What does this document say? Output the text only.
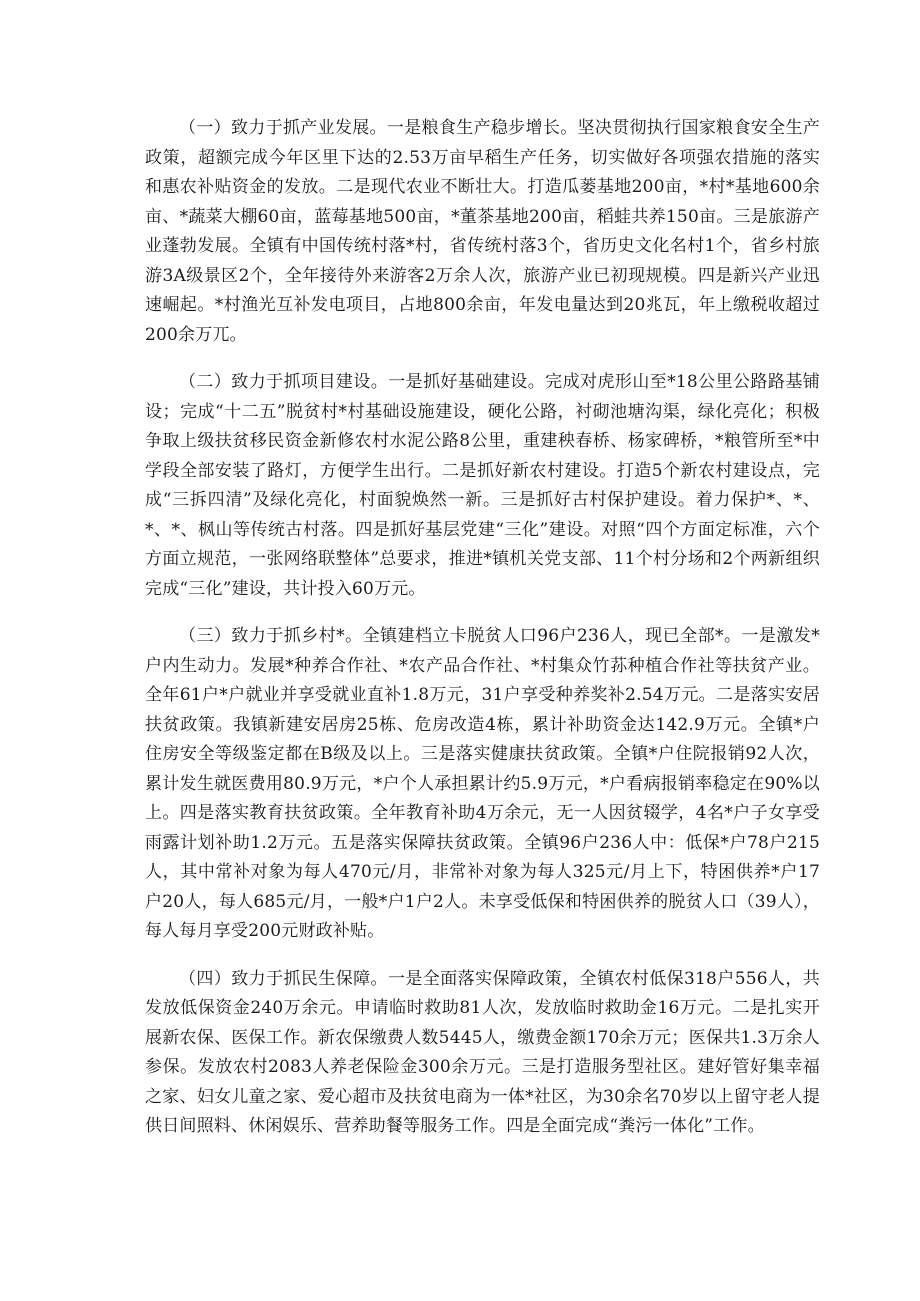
（一）致力于抓产业发展。一是粮食生产稳步增长。坚决贯彻执行国家粮食安全生产政策，超额完成今年区里下达的2.53万亩早稻生产任务，切实做好各项强农措施的落实和惠农补贴资金的发放。二是现代农业不断壮大。打造瓜蒌基地200亩，*村*基地600余亩、*蔬菜大棚60亩，蓝莓基地500亩，*董茶基地200亩，稻蛙共养150亩。三是旅游产业蓬勃发展。全镇有中国传统村落*村，省传统村落3个，省历史文化名村1个，省乡村旅游3A级景区2个，全年接待外来游客2万余人次，旅游产业已初现规模。四是新兴产业迅速崛起。*村渔光互补发电项目，占地800余亩，年发电量达到20兆瓦，年上缴税收超过200余万兀。

（二）致力于抓项目建设。一是抓好基础建设。完成对虎形山至*18公里公路路基铺设；完成“十二五”脱贫村*村基础设施建设，硬化公路，衬砌池塘沟渠，绿化亮化；积极争取上级扶贫移民资金新修农村水泥公路8公里，重建秧春桥、杨家碑桥，*粮管所至*中学段全部安装了路灯，方便学生出行。二是抓好新农村建设。打造5个新农村建设点，完成“三拆四清”及绿化亮化，村面貌焕然一新。三是抓好古村保护建设。着力保护*、*、*、*、枫山等传统古村落。四是抓好基层党建“三化”建设。对照“四个方面定标准，六个方面立规范，一张网络联整体”总要求，推进*镇机关党支部、11个村分场和2个两新组织完成“三化”建设，共计投入60万元。

（三）致力于抓乡村*。全镇建档立卡脱贫人口96户236人，现已全部*。一是激发*户内生动力。发展*种养合作社、*农产品合作社、*村集众竹荪种植合作社等扶贫产业。全年61户*户就业并享受就业直补1.8万元，31户享受种养奖补2.54万元。二是落实安居扶贫政策。我镇新建安居房25栋、危房改造4栋，累计补助资金达142.9万元。全镇*户住房安全等级鉴定都在B级及以上。三是落实健康扶贫政策。全镇*户住院报销92人次，累计发生就医费用80.9万元，*户个人承担累计约5.9万元，*户看病报销率稳定在90%以上。四是落实教育扶贫政策。全年教育补助4万余元，无一人因贫辍学，4名*户子女享受雨露计划补助1.2万元。五是落实保障扶贫政策。全镇96户236人中：低保*户78户215人，其中常补对象为每人470元/月，非常补对象为每人325元/月上下，特困供养*户17户20人，每人685元/月，一般*户1户2人。未享受低保和特困供养的脱贫人口（39人），每人每月享受200元财政补贴。

（四）致力于抓民生保障。一是全面落实保障政策，全镇农村低保318户556人，共发放低保资金240万余元。申请临时救助81人次，发放临时救助金16万元。二是扎实开展新农保、医保工作。新农保缴费人数5445人，缴费金额170余万元；医保共1.3万余人参保。发放农村2083人养老保险金300余万元。三是打造服务型社区。建好管好集幸福之家、妇女儿童之家、爱心超市及扶贫电商为一体*社区，为30余名70岁以上留守老人提供日间照料、休闲娱乐、营养助餐等服务工作。四是全面完成“粪污一体化”工作。
